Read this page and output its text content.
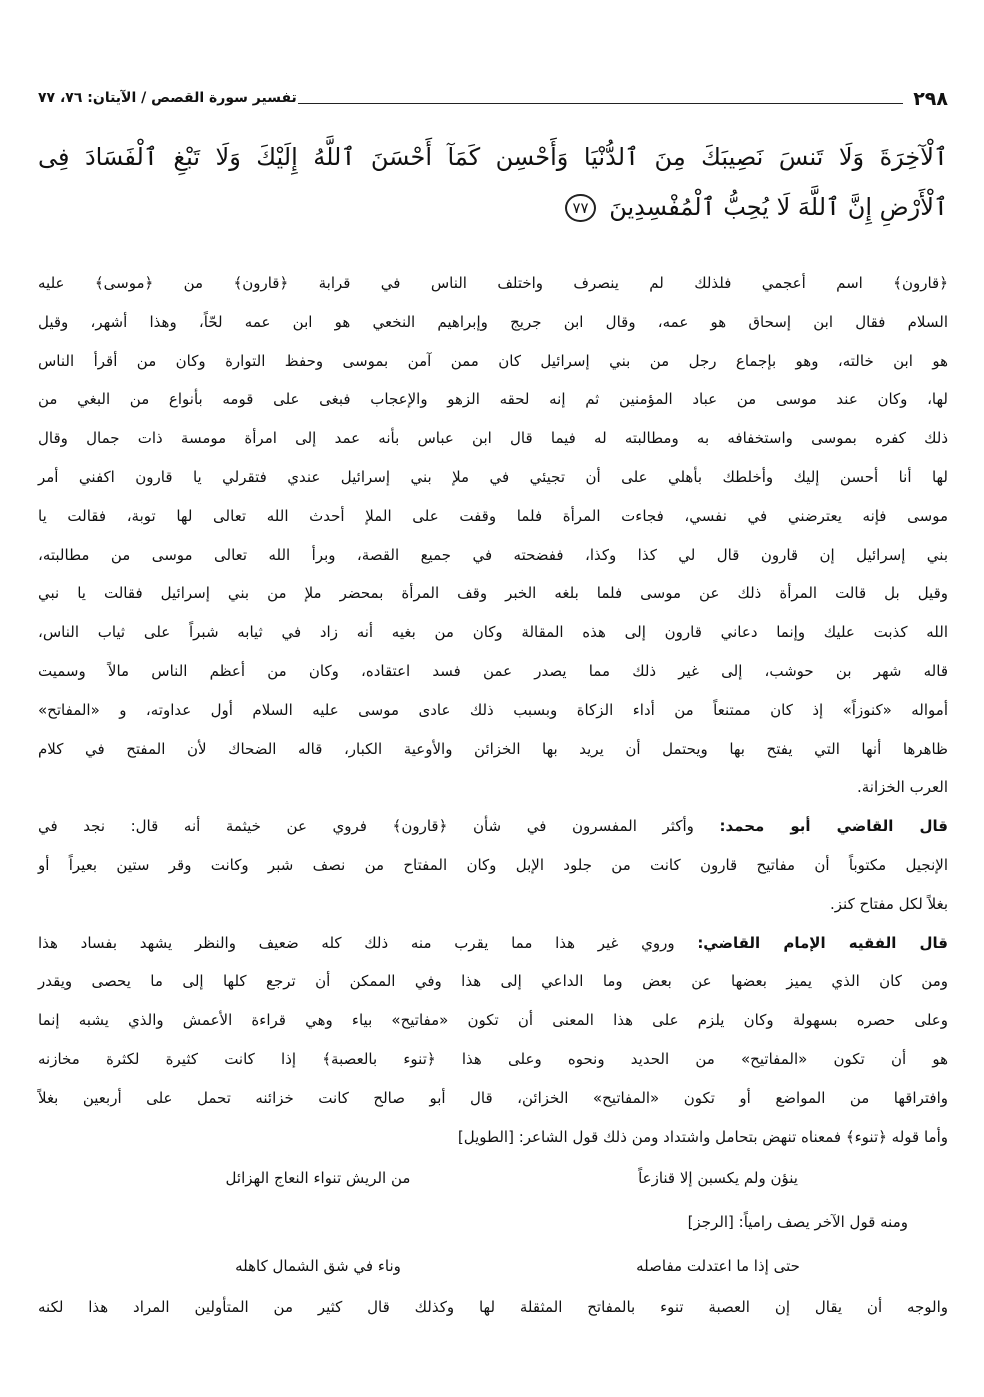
٢٩٨
تفسير سورة القصص / الآيتان: ٧٦، ٧٧
ٱلْآخِرَةَ وَلَا تَنسَ نَصِيبَكَ مِنَ ٱلدُّنْيَا وَأَحْسِن كَمَآ أَحْسَنَ ٱللَّهُ إِلَيْكَ وَلَا تَبْغِ ٱلْفَسَادَ فِى
ٱلْأَرْضِ إِنَّ ٱللَّهَ لَا يُحِبُّ ٱلْمُفْسِدِينَ ٧٧
﴿قارون﴾ اسم أعجمي فلذلك لم ينصرف واختلف الناس في قرابة ﴿قارون﴾ من ﴿موسى﴾ عليه
السلام فقال ابن إسحاق هو عمه، وقال ابن جريج وإبراهيم النخعي هو ابن عمه لحّاً، وهذا أشهر، وقيل
هو ابن خالته، وهو بإجماع رجل من بني إسرائيل كان ممن آمن بموسى وحفظ التوارة وكان من أقرأ الناس
لها، وكان عند موسى من عباد المؤمنين ثم إنه لحقه الزهو والإعجاب فبغى على قومه بأنواع من البغي من
ذلك كفره بموسى واستخفافه به ومطالبته له فيما قال ابن عباس بأنه عمد إلى امرأة مومسة ذات جمال وقال
لها أنا أحسن إليك وأخلطك بأهلي على أن تجيئي في ملإ بني إسرائيل عندي فتقرلي يا قارون اكفني أمر
موسى فإنه يعترضني في نفسي، فجاءت المرأة فلما وقفت على الملإ أحدث الله تعالى لها توبة، فقالت يا
بني إسرائيل إن قارون قال لي كذا وكذا، ففضحته في جميع القصة، وبرأ الله تعالى موسى من مطالبته،
وقيل بل قالت المرأة ذلك عن موسى فلما بلغه الخبر وقف المرأة بمحضر ملإ من بني إسرائيل فقالت يا نبي
الله كذبت عليك وإنما دعاني قارون إلى هذه المقالة وكان من بغيه أنه زاد في ثيابه شبراً على ثياب الناس،
قاله شهر بن حوشب، إلى غير ذلك مما يصدر عمن فسد اعتقاده، وكان من أعظم الناس مالاً وسميت
أمواله «كنوزاً» إذ كان ممتنعاً من أداء الزكاة وبسبب ذلك عادى موسى عليه السلام أول عداوته، و «المفاتح»
ظاهرها أنها التي يفتح بها ويحتمل أن يريد بها الخزائن والأوعية الكبار، قاله الضحاك لأن المفتح في كلام
العرب الخزانة.
قال القاضي أبو محمد: وأكثر المفسرون في شأن ﴿قارون﴾ فروي عن خيثمة أنه قال: نجد في
الإنجيل مكتوباً أن مفاتيح قارون كانت من جلود الإبل وكان المفتاح من نصف شبر وكانت وقر ستين بعيراً أو
بغلاً لكل مفتاح كنز.
قال الفقيه الإمام القاضي: وروي غير هذا مما يقرب منه ذلك كله ضعيف والنظر يشهد بفساد هذا
ومن كان الذي يميز بعضها عن بعض وما الداعي إلى هذا وفي الممكن أن ترجع كلها إلى ما يحصى ويقدر
وعلى حصره بسهولة وكان يلزم على هذا المعنى أن تكون «مفاتيح» بياء وهي قراءة الأعمش والذي يشبه إنما
هو أن تكون «المفاتيح» من الحديد ونحوه وعلى هذا ﴿تنوء بالعصبة﴾ إذا كانت كثيرة لكثرة مخازنه
وافتراقها من المواضع أو تكون «المفاتيح» الخزائن، قال أبو صالح كانت خزائنه تحمل على أربعين بغلاً
وأما قوله ﴿تنوء﴾ فمعناه تنهض بتحامل واشتداد ومن ذلك قول الشاعر: [الطويل]
ينؤن ولم يكسبن إلا قنازعاً
من الريش تنواء النعاج الهزائل
ومنه قول الآخر يصف رامياً: [الرجز]
حتى إذا ما اعتدلت مفاصله
وناء في شق الشمال كاهله
والوجه أن يقال إن العصبة تنوء بالمفاتح المثقلة لها وكذلك قال كثير من المتأولين المراد هذا لكنه
